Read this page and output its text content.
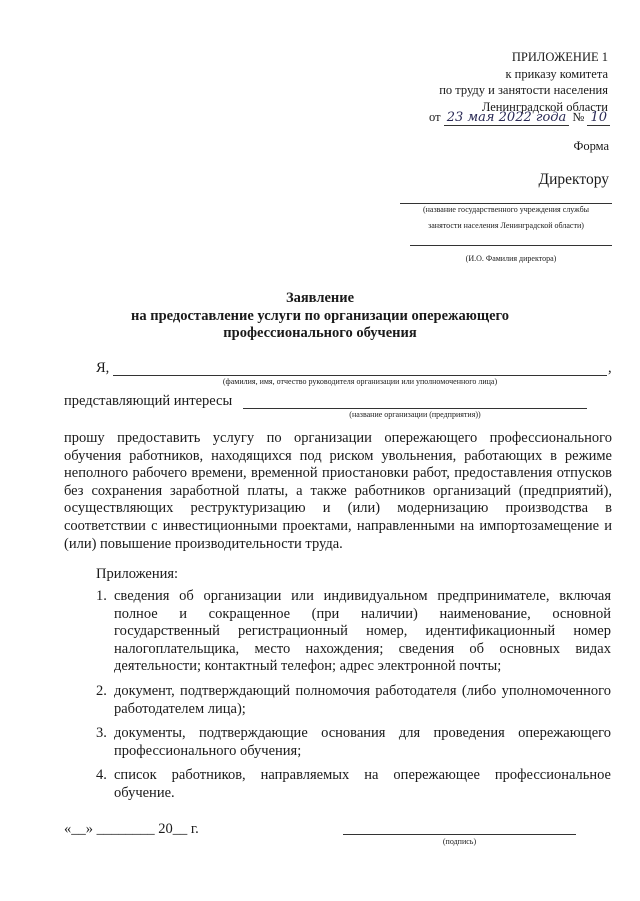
ПРИЛОЖЕНИЕ 1
к приказу комитета
по труду и занятости населения
Ленинградской области
от 23 мая 2022 года № 10
Форма
Директору
(название государственного учреждения службы
занятости населения Ленинградской области)
(И.О. Фамилия директора)
Заявление
на предоставление услуги по организации опережающего
профессионального обучения
Я,	,
(фамилия, имя, отчество руководителя организации или уполномоченного лица)
представляющий интересы
(название организации (предприятия))
прошу предоставить услугу по организации опережающего профессионального обучения работников, находящихся под риском увольнения, работающих в режиме неполного рабочего времени, временной приостановки работ, предоставления отпусков без сохранения заработной платы, а также работников организаций (предприятий), осуществляющих реструктуризацию и (или) модернизацию производства в соответствии с инвестиционными проектами, направленными на импортозамещение и (или) повышение производительности труда.
Приложения:
1. сведения об организации или индивидуальном предпринимателе, включая полное и сокращенное (при наличии) наименование, основной государственный регистрационный номер, идентификационный номер налогоплательщика, место нахождения; сведения об основных видах деятельности; контактный телефон; адрес электронной почты;
2. документ, подтверждающий полномочия работодателя (либо уполномоченного работодателем лица);
3. документы, подтверждающие основания для проведения опережающего профессионального обучения;
4. список работников, направляемых на опережающее профессиональное обучение.
«__» ________ 20__ г.
(подпись)
